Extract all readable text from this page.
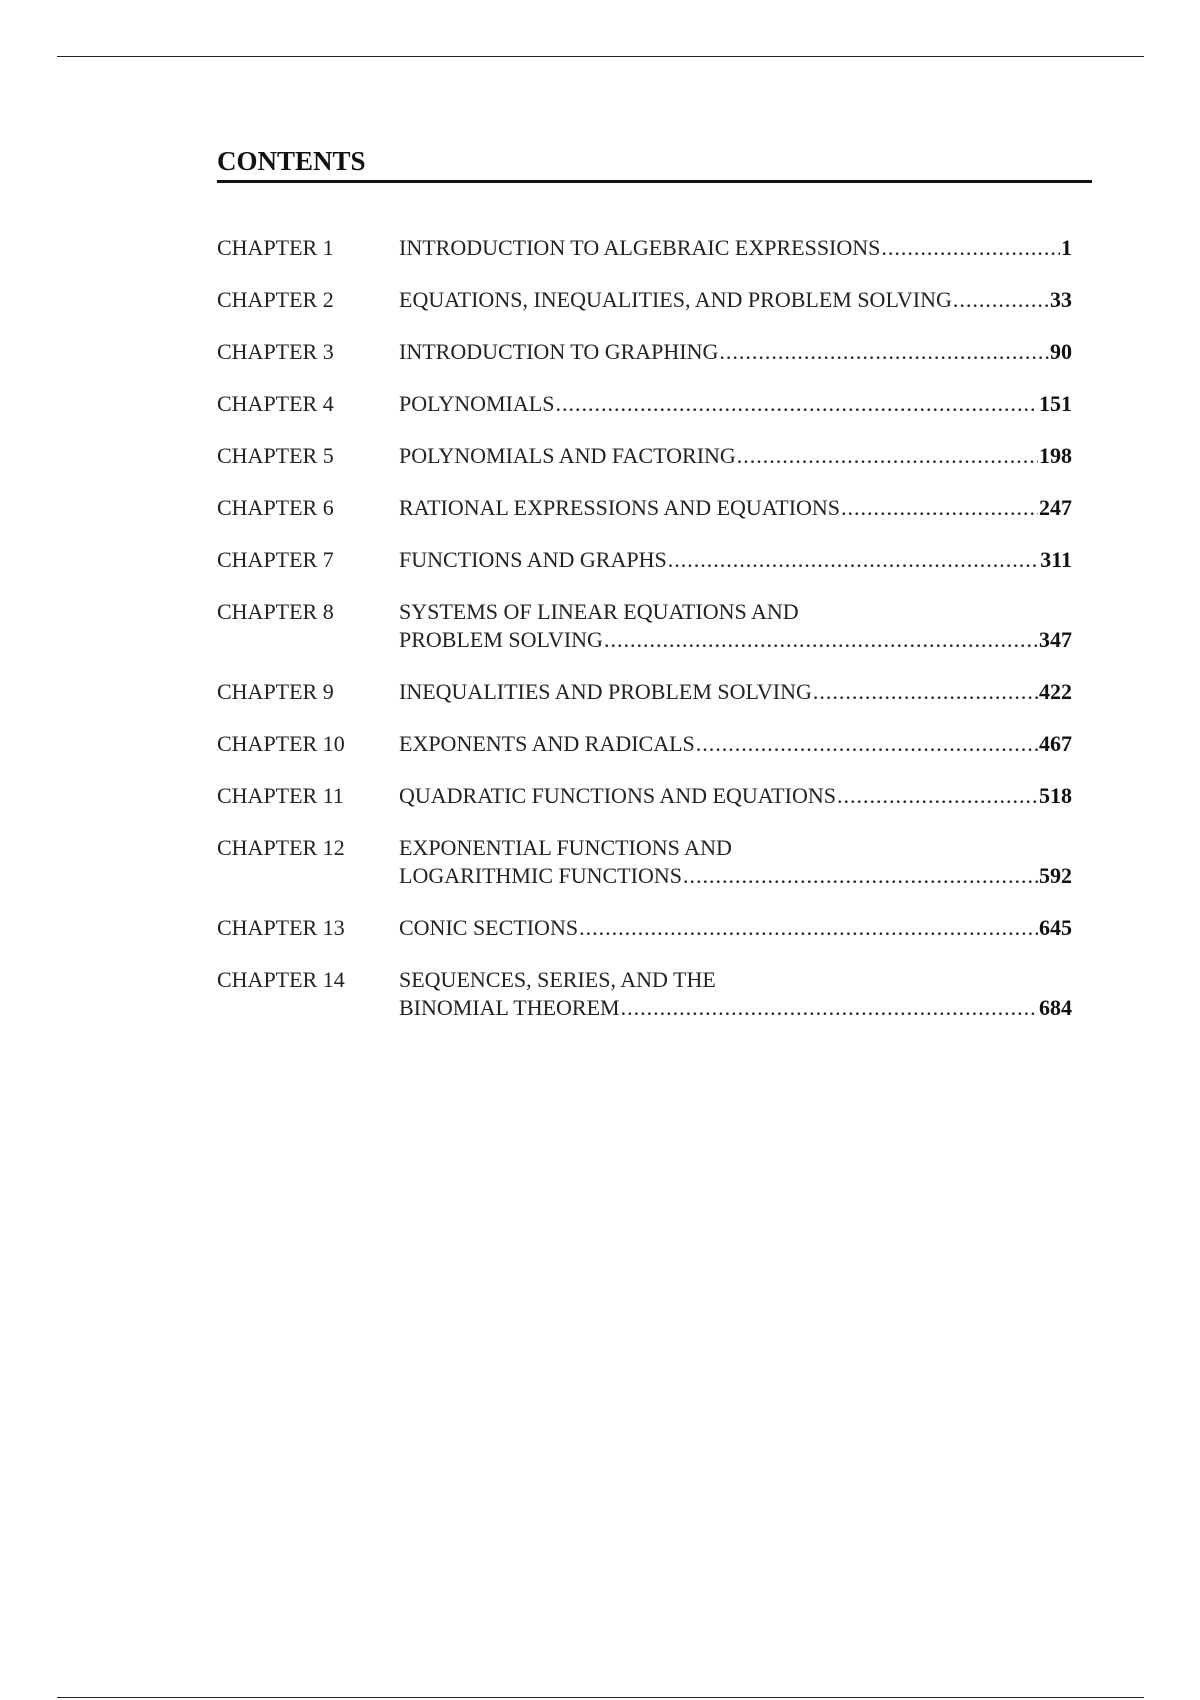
CONTENTS
CHAPTER 1	INTRODUCTION TO ALGEBRAIC EXPRESSIONS .....	1
CHAPTER 2	EQUATIONS, INEQUALITIES, AND PROBLEM SOLVING .....	33
CHAPTER 3	INTRODUCTION TO GRAPHING .....	90
CHAPTER 4	POLYNOMIALS .....	151
CHAPTER 5	POLYNOMIALS AND FACTORING .....	198
CHAPTER 6	RATIONAL EXPRESSIONS AND EQUATIONS .....	247
CHAPTER 7	FUNCTIONS AND GRAPHS .....	311
CHAPTER 8	SYSTEMS OF LINEAR EQUATIONS AND
PROBLEM SOLVING .....	347
CHAPTER 9	INEQUALITIES AND PROBLEM SOLVING .....	422
CHAPTER 10	EXPONENTS AND RADICALS .....	467
CHAPTER 11	QUADRATIC FUNCTIONS AND EQUATIONS .....	518
CHAPTER 12	EXPONENTIAL FUNCTIONS AND
LOGARITHMIC FUNCTIONS .....	592
CHAPTER 13	CONIC SECTIONS .....	645
CHAPTER 14	SEQUENCES, SERIES, AND THE
BINOMIAL THEOREM .....	684
